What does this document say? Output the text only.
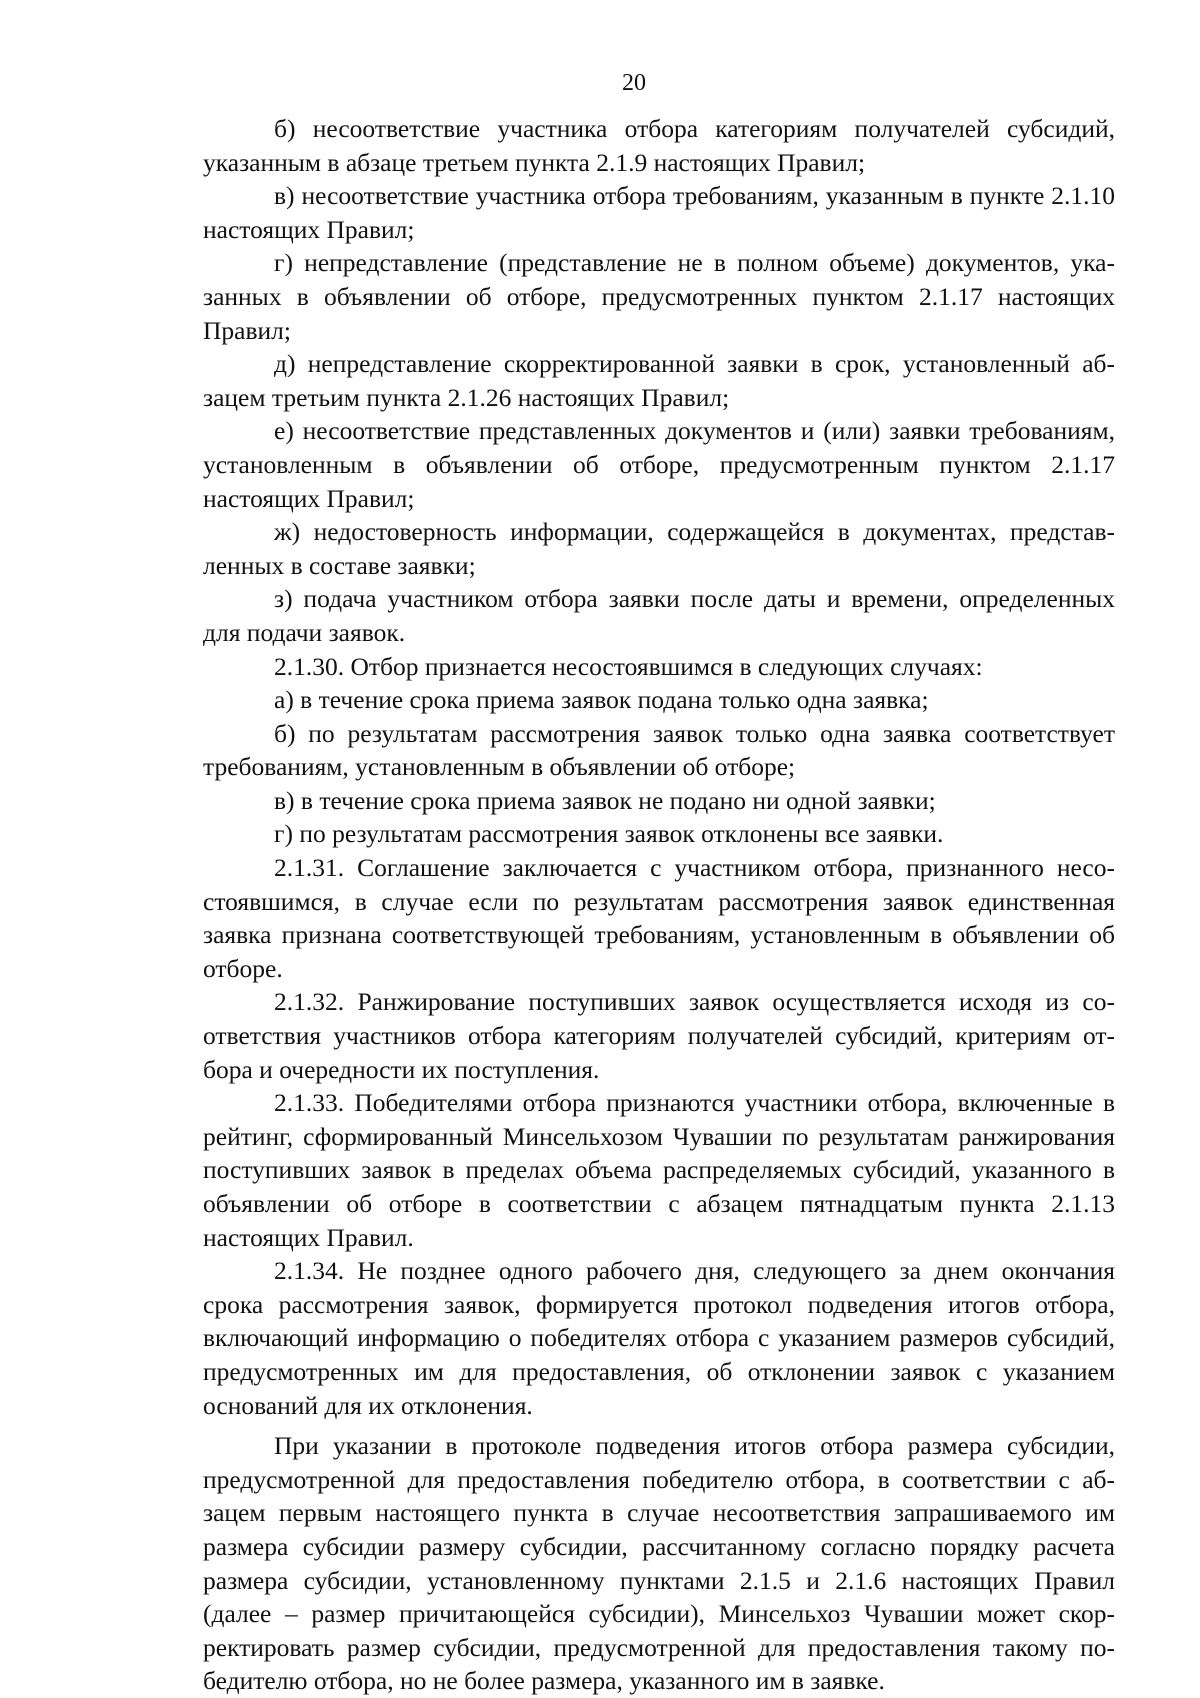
20

б) несоответствие участника отбора категориям получателей субсидий, указанным в абзаце третьем пункта 2.1.9 настоящих Правил;

в) несоответствие участника отбора требованиям, указанным в пункте 2.1.10 настоящих Правил;

г) непредставление (представление не в полном объеме) документов, указанных в объявлении об отборе, предусмотренных пунктом 2.1.17 настоящих Правил;

д) непредставление скорректированной заявки в срок, установленный абзацем третьим пункта 2.1.26 настоящих Правил;

е) несоответствие представленных документов и (или) заявки требованиям, установленным в объявлении об отборе, предусмотренным пунктом 2.1.17 настоящих Правил;

ж) недостоверность информации, содержащейся в документах, представленных в составе заявки;

з) подача участником отбора заявки после даты и времени, определенных для подачи заявок.

2.1.30. Отбор признается несостоявшимся в следующих случаях:

а) в течение срока приема заявок подана только одна заявка;

б) по результатам рассмотрения заявок только одна заявка соответствует требованиям, установленным в объявлении об отборе;

в) в течение срока приема заявок не подано ни одной заявки;

г) по результатам рассмотрения заявок отклонены все заявки.

2.1.31. Соглашение заключается с участником отбора, признанного несостоявшимся, в случае если по результатам рассмотрения заявок единственная заявка признана соответствующей требованиям, установленным в объявлении об отборе.

2.1.32. Ранжирование поступивших заявок осуществляется исходя из соответствия участников отбора категориям получателей субсидий, критериям отбора и очередности их поступления.

2.1.33. Победителями отбора признаются участники отбора, включенные в рейтинг, сформированный Минсельхозом Чувашии по результатам ранжирования поступивших заявок в пределах объема распределяемых субсидий, указанного в объявлении об отборе в соответствии с абзацем пятнадцатым пункта 2.1.13 настоящих Правил.

2.1.34. Не позднее одного рабочего дня, следующего за днем окончания срока рассмотрения заявок, формируется протокол подведения итогов отбора, включающий информацию о победителях отбора с указанием размеров субсидий, предусмотренных им для предоставления, об отклонении заявок с указанием оснований для их отклонения.

При указании в протоколе подведения итогов отбора размера субсидии, предусмотренной для предоставления победителю отбора, в соответствии с абзацем первым настоящего пункта в случае несоответствия запрашиваемого им размера субсидии размеру субсидии, рассчитанному согласно порядку расчета размера субсидии, установленному пунктами 2.1.5 и 2.1.6 настоящих Правил (далее – размер причитающейся субсидии), Минсельхоз Чувашии может скорректировать размер субсидии, предусмотренной для предоставления такому победителю отбора, но не более размера, указанного им в заявке.
